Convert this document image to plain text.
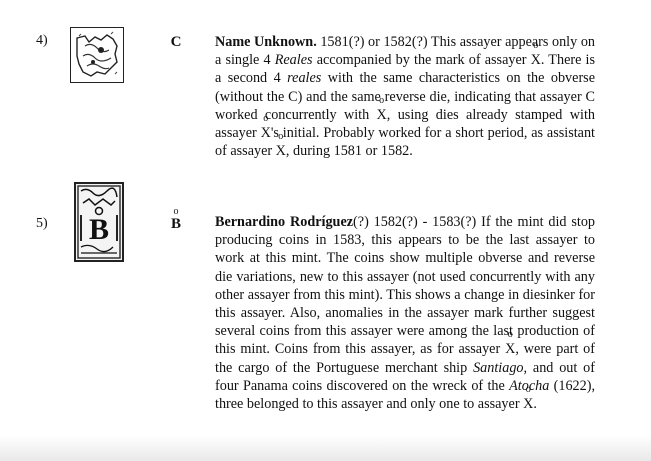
4)	C Name Unknown. 1581(?) or 1582(?) This assayer appears only on a single 4 Reales accompanied by the mark of assayer o X. There is a second 4 reales with the same characteristics on the obverse (without the C) and the same reverse die, indicating that assayer C worked concurrently with o X, using dies already stamped with assayer o X's initial. Probably worked for a short period, as assistant of assayer o X, during 1581 or 1582.

5) B
o
B Bernardino Rodríguez(?) 1582(?) - 1583(?) If the mint did stop producing coins in 1583, this appears to be the last assayer to work at this mint. The coins show multiple obverse and reverse die variations, new to this assayer (not used concurrently with any other assayer from this mint). This shows a change in diesinker for this assayer. Also, anomalies in the assayer mark further suggest several coins from this assayer were among the last production of this mint. Coins from this assayer, as for assayer o X, were part of the cargo of the Portuguese merchant ship Santiago, and out of four Panama coins discovered on the wreck of the Atocha (1622), three belonged to this assayer and only one to assayer o X.
